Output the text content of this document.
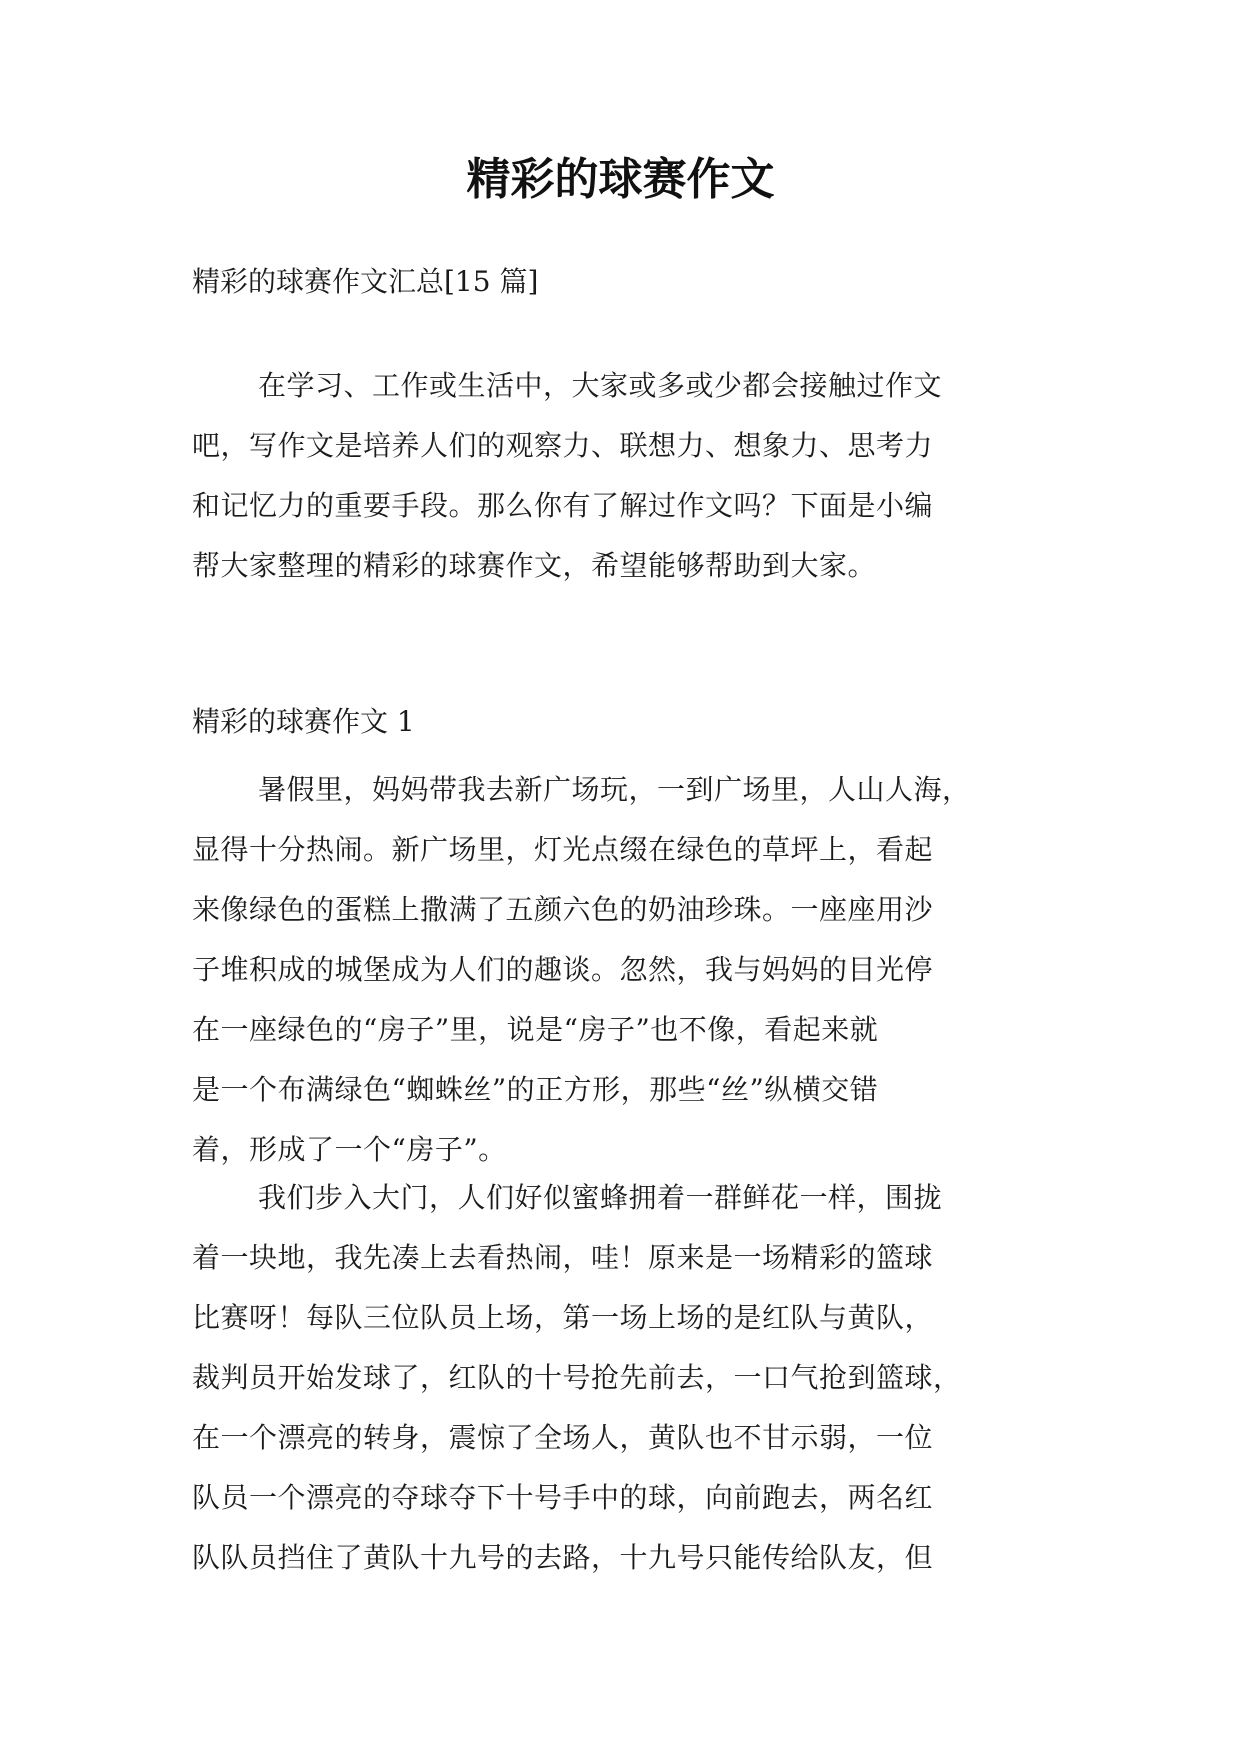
精彩的球赛作文
精彩的球赛作文汇总[15 篇]
在学习、工作或生活中，大家或多或少都会接触过作文
吧，写作文是培养人们的观察力、联想力、想象力、思考力
和记忆力的重要手段。那么你有了解过作文吗？下面是小编
帮大家整理的精彩的球赛作文，希望能够帮助到大家。
精彩的球赛作文 1
暑假里，妈妈带我去新广场玩，一到广场里，人山人海，
显得十分热闹。新广场里，灯光点缀在绿色的草坪上，看起
来像绿色的蛋糕上撒满了五颜六色的奶油珍珠。一座座用沙
子堆积成的城堡成为人们的趣谈。忽然，我与妈妈的目光停
在一座绿色的“房子”里，说是“房子”也不像，看起来就
是一个布满绿色“蜘蛛丝”的正方形，那些“丝”纵横交错
着，形成了一个“房子”。
我们步入大门，人们好似蜜蜂拥着一群鲜花一样，围拢
着一块地，我先凑上去看热闹，哇！原来是一场精彩的篮球
比赛呀！每队三位队员上场，第一场上场的是红队与黄队，
裁判员开始发球了，红队的十号抢先前去，一口气抢到篮球，
在一个漂亮的转身，震惊了全场人，黄队也不甘示弱，一位
队员一个漂亮的夺球夺下十号手中的球，向前跑去，两名红
队队员挡住了黄队十九号的去路，十九号只能传给队友，但
